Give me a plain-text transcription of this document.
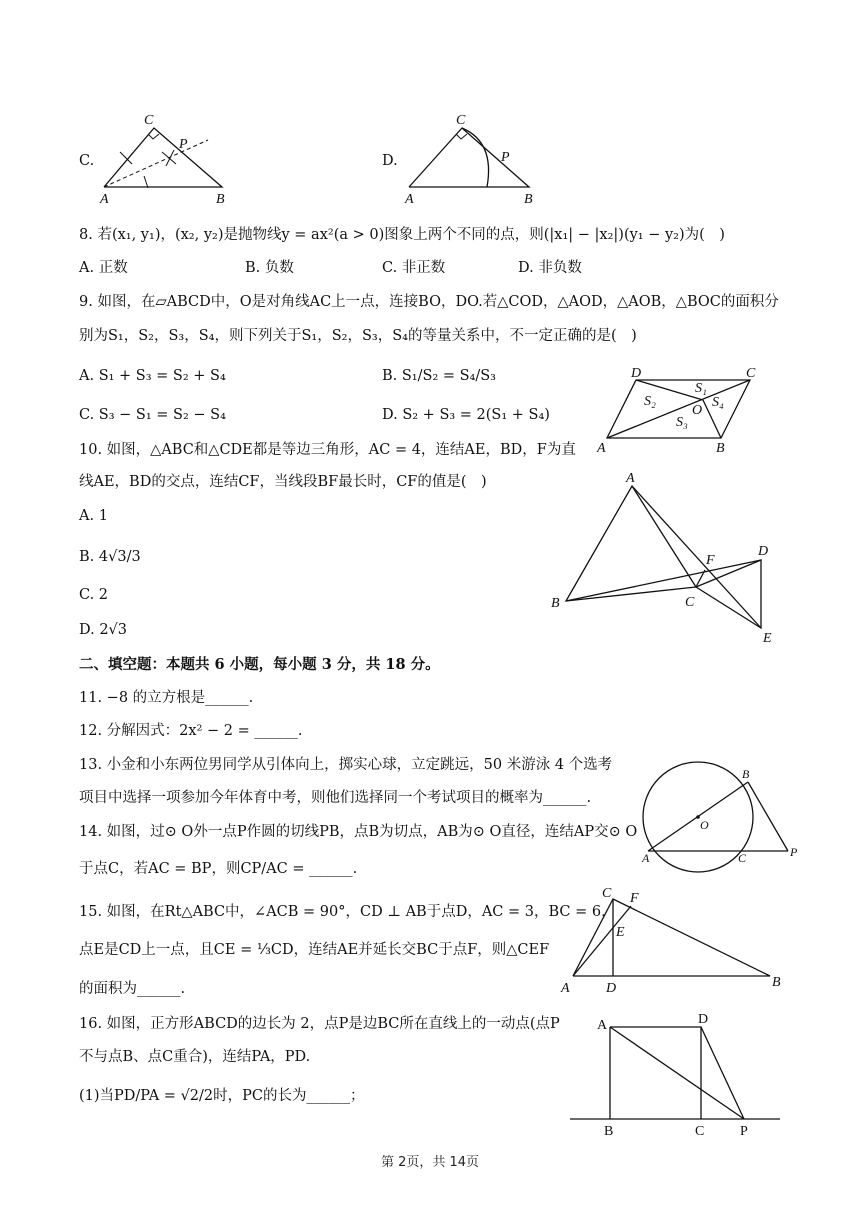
C.
C
P
A	B
D.
C
P
A	B
8. 若(x₁, y₁)，(x₂, y₂)是抛物线y = ax²(a > 0)图象上两个不同的点，则(|x₁| − |x₂|)(y₁ − y₂)为(　)
A. 正数	B. 负数	C. 非正数	D. 非负数
9. 如图，在▱ABCD中，O是对角线AC上一点，连接BO，DO.若△COD，△AOD，△AOB，△BOC的面积分
别为S₁，S₂，S₃，S₄，则下列关于S₁，S₂，S₃，S₄的等量关系中，不一定正确的是(　)
A. S₁ + S₃ = S₂ + S₄	B. S₁/S₂ = S₄/S₃
C. S₃ − S₁ = S₂ − S₄	D. S₂ + S₃ = 2(S₁ + S₄)
D	C
S₁
S₂
O
S₄
S₃
A	B
10. 如图，△ABC和△CDE都是等边三角形，AC = 4，连结AE，BD，F为直
线AE，BD的交点，连结CF，当线段BF最长时，CF的值是(　)
A. 1
B. 4√3/3
C. 2
D. 2√3
A
F
D
B	C
E
二、填空题：本题共 6 小题，每小题 3 分，共 18 分。
11. −8 的立方根是______.
12. 分解因式：2x² − 2 = ______.
13. 小金和小东两位男同学从引体向上，掷实心球，立定跳远，50 米游泳 4 个选考
项目中选择一项参加今年体育中考，则他们选择同一个考试项目的概率为______.
14. 如图，过⊙ O外一点P作圆的切线PB，点B为切点，AB为⊙ O直径，连结AP交⊙ O
于点C，若AC = BP，则CP/AC = ______.
B
O
A	C	P
15. 如图，在Rt△ABC中，∠ACB = 90°，CD ⊥ AB于点D，AC = 3，BC = 6，
点E是CD上一点，且CE = ⅓CD，连结AE并延长交BC于点F，则△CEF
的面积为______.
C F
E
A	D	B
16. 如图，正方形ABCD的边长为 2，点P是边BC所在直线上的一动点(点P
不与点B、点C重合)，连结PA，PD.
(1)当PD/PA = √2/2时，PC的长为______；
A	D
B	C	P
第 2页，共 14页
